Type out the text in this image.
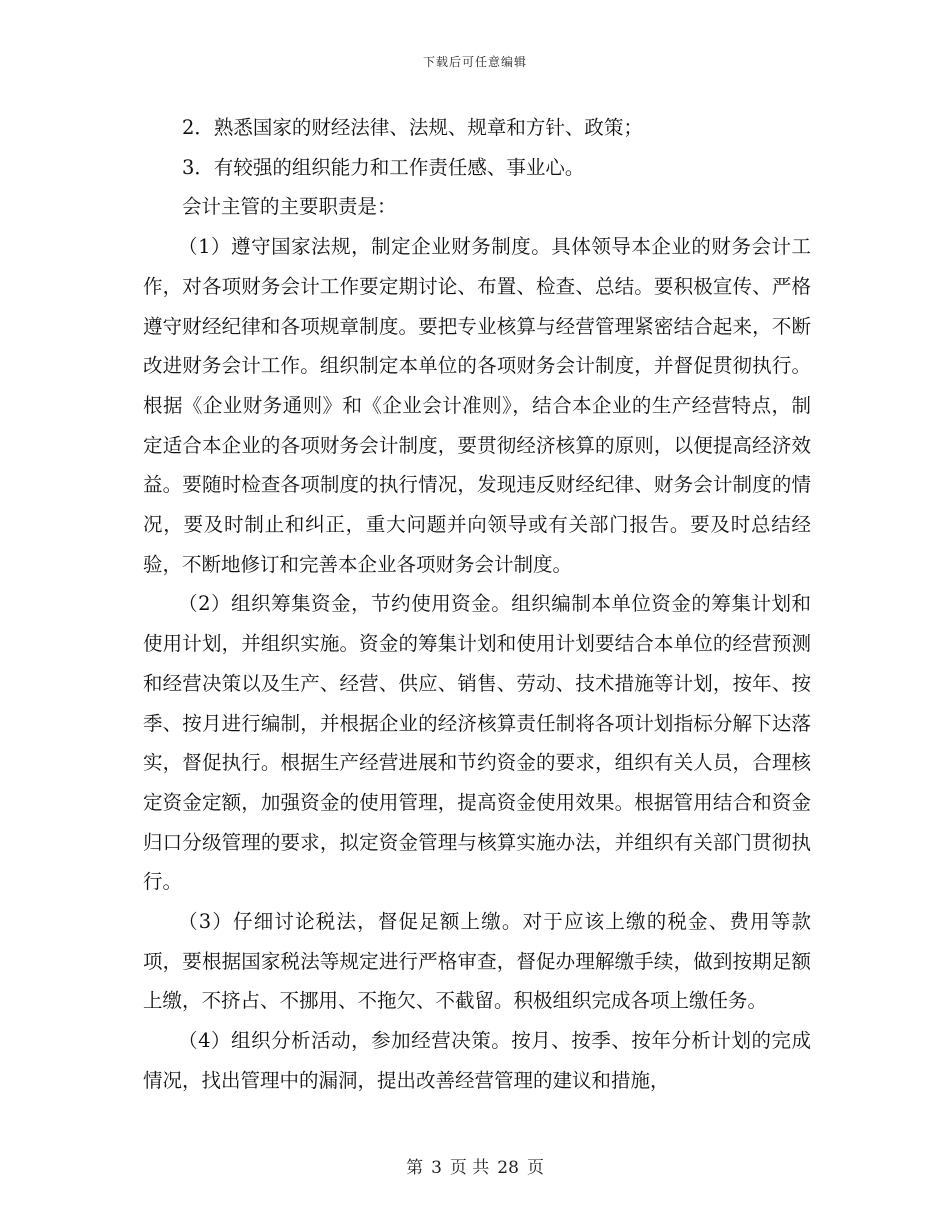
下载后可任意编辑

2．熟悉国家的财经法律、法规、规章和方针、政策；

3．有较强的组织能力和工作责任感、事业心。

会计主管的主要职责是：

（1）遵守国家法规，制定企业财务制度。具体领导本企业的财务会计工作，对各项财务会计工作要定期讨论、布置、检查、总结。要积极宣传、严格遵守财经纪律和各项规章制度。要把专业核算与经营管理紧密结合起来，不断改进财务会计工作。组织制定本单位的各项财务会计制度，并督促贯彻执行。根据《企业财务通则》和《企业会计准则》，结合本企业的生产经营特点，制定适合本企业的各项财务会计制度，要贯彻经济核算的原则，以便提高经济效益。要随时检查各项制度的执行情况，发现违反财经纪律、财务会计制度的情况，要及时制止和纠正，重大问题并向领导或有关部门报告。要及时总结经验，不断地修订和完善本企业各项财务会计制度。

（2）组织筹集资金，节约使用资金。组织编制本单位资金的筹集计划和使用计划，并组织实施。资金的筹集计划和使用计划要结合本单位的经营预测和经营决策以及生产、经营、供应、销售、劳动、技术措施等计划，按年、按季、按月进行编制，并根据企业的经济核算责任制将各项计划指标分解下达落实，督促执行。根据生产经营进展和节约资金的要求，组织有关人员，合理核定资金定额，加强资金的使用管理，提高资金使用效果。根据管用结合和资金归口分级管理的要求，拟定资金管理与核算实施办法，并组织有关部门贯彻执行。

（3）仔细讨论税法，督促足额上缴。对于应该上缴的税金、费用等款项，要根据国家税法等规定进行严格审查，督促办理解缴手续，做到按期足额上缴，不挤占、不挪用、不拖欠、不截留。积极组织完成各项上缴任务。

（4）组织分析活动，参加经营决策。按月、按季、按年分析计划的完成情况，找出管理中的漏洞，提出改善经营管理的建议和措施，

第 3 页 共 28 页
